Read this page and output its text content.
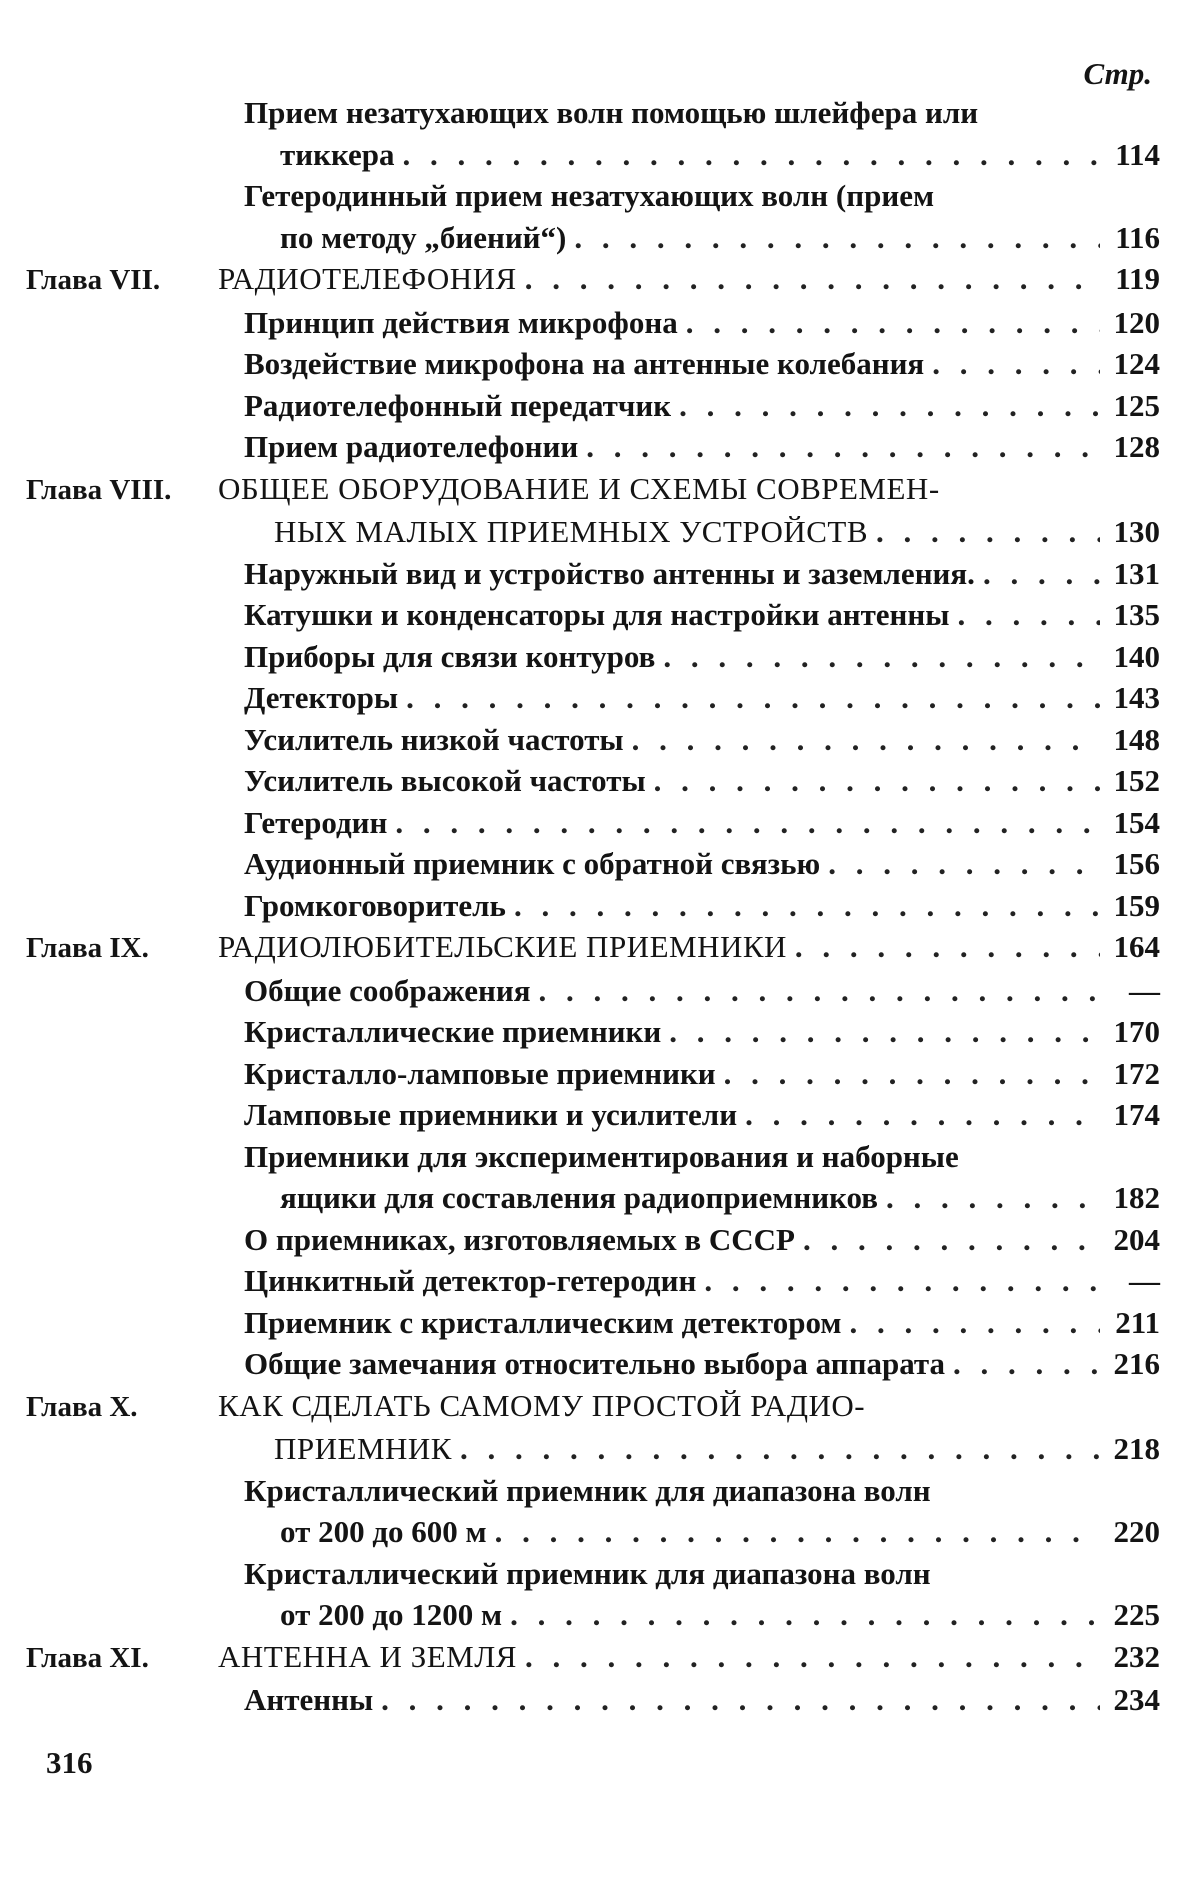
Стр.
Прием незатухающих волн помощью шлейфера или
тиккера . . .	114
Гетеродинный прием незатухающих волн (прием
по методу „биений“) . . .	116
Глава VII.	РАДИОТЕЛЕФОНИЯ . . .	119
Принцип действия микрофона . . .	120
Воздействие микрофона на антенные колебания . . .	124
Радиотелефонный передатчик . . .	125
Прием радиотелефонии . . .	128
Глава VIII.	ОБЩЕЕ ОБОРУДОВАНИЕ И СХЕМЫ СОВРЕМЕН-
НЫХ МАЛЫХ ПРИЕМНЫХ УСТРОЙСТВ . . .	130
Наружный вид и устройство антенны и заземления. . . .	131
Катушки и конденсаторы для настройки антенны . . .	135
Приборы для связи контуров . . .	140
Детекторы . . .	143
Усилитель низкой частоты . . .	148
Усилитель высокой частоты . . .	152
Гетеродин . . .	154
Аудионный приемник с обратной связью . . .	156
Громкоговоритель . . .	159
Глава IX.	РАДИОЛЮБИТЕЛЬСКИЕ ПРИЕМНИКИ . . .	164
Общие соображения . . .	—
Кристаллические приемники . . .	170
Кристалло-ламповые приемники . . .	172
Ламповые приемники и усилители . . .	174
Приемники для экспериментирования и наборные
ящики для составления радиоприемников . . .	182
О приемниках, изготовляемых в СССР . . .	204
Цинкитный детектор-гетеродин . . .	—
Приемник с кристаллическим детектором . . .	211
Общие замечания относительно выбора аппарата . . .	216
Глава X.	КАК СДЕЛАТЬ САМОМУ ПРОСТОЙ РАДИО-
ПРИЕМНИК . . .	218
Кристаллический приемник для диапазона волн
от 200 до 600 м . . .	220
Кристаллический приемник для диапазона волн
от 200 до 1200 м . . .	225
Глава XI.	АНТЕННА И ЗЕМЛЯ . . .	232
Антенны . . .	234
316
